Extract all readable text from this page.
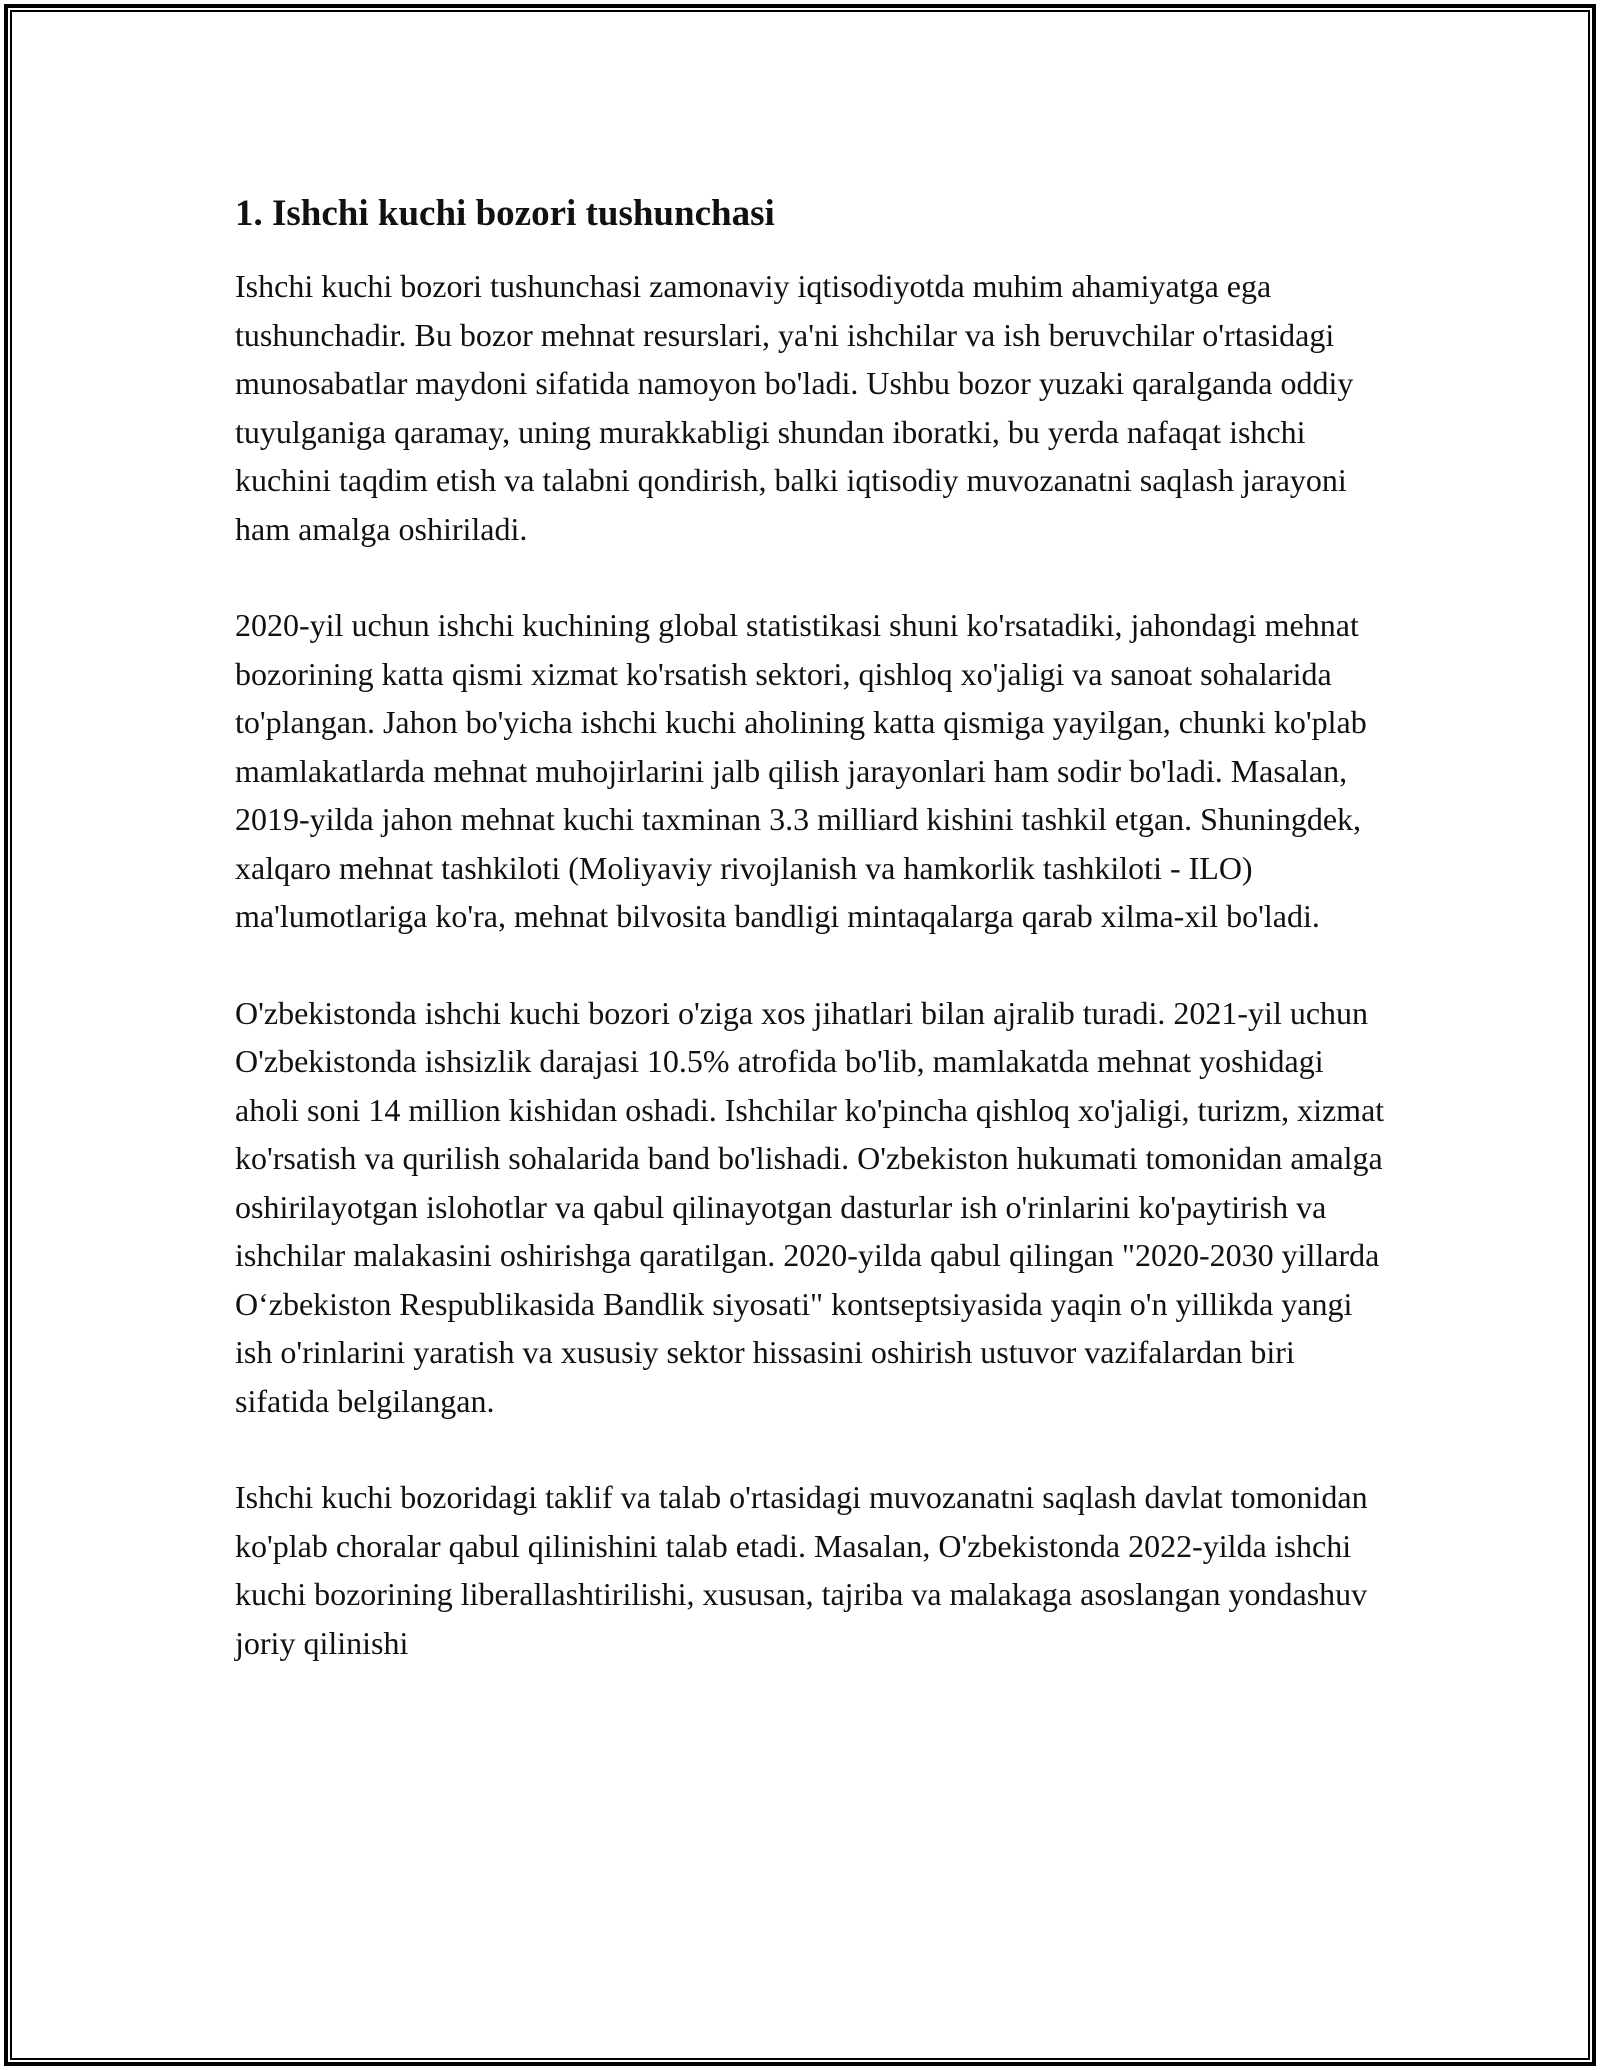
1. Ishchi kuchi bozori tushunchasi

Ishchi kuchi bozori tushunchasi zamonaviy iqtisodiyotda muhim ahamiyatga ega tushunchadir. Bu bozor mehnat resurslari, ya'ni ishchilar va ish beruvchilar o'rtasidagi munosabatlar maydoni sifatida namoyon bo'ladi. Ushbu bozor yuzaki qaralganda oddiy tuyulganiga qaramay, uning murakkabligi shundan iboratki, bu yerda nafaqat ishchi kuchini taqdim etish va talabni qondirish, balki iqtisodiy muvozanatni saqlash jarayoni ham amalga oshiriladi.

2020-yil uchun ishchi kuchining global statistikasi shuni ko'rsatadiki, jahondagi mehnat bozorining katta qismi xizmat ko'rsatish sektori, qishloq xo'jaligi va sanoat sohalarida to'plangan. Jahon bo'yicha ishchi kuchi aholining katta qismiga yayilgan, chunki ko'plab mamlakatlarda mehnat muhojirlarini jalb qilish jarayonlari ham sodir bo'ladi. Masalan, 2019-yilda jahon mehnat kuchi taxminan 3.3 milliard kishini tashkil etgan. Shuningdek, xalqaro mehnat tashkiloti (Moliyaviy rivojlanish va hamkorlik tashkiloti - ILO) ma'lumotlariga ko'ra, mehnat bilvosita bandligi mintaqalarga qarab xilma-xil bo'ladi.

O'zbekistonda ishchi kuchi bozori o'ziga xos jihatlari bilan ajralib turadi. 2021-yil uchun O'zbekistonda ishsizlik darajasi 10.5% atrofida bo'lib, mamlakatda mehnat yoshidagi aholi soni 14 million kishidan oshadi. Ishchilar ko'pincha qishloq xo'jaligi, turizm, xizmat ko'rsatish va qurilish sohalarida band bo'lishadi. O'zbekiston hukumati tomonidan amalga oshirilayotgan islohotlar va qabul qilinayotgan dasturlar ish o'rinlarini ko'paytirish va ishchilar malakasini oshirishga qaratilgan. 2020-yilda qabul qilingan "2020-2030 yillarda O‘zbekiston Respublikasida Bandlik siyosati" kontseptsiyasida yaqin o'n yillikda yangi ish o'rinlarini yaratish va xususiy sektor hissasini oshirish ustuvor vazifalardan biri sifatida belgilangan.

Ishchi kuchi bozoridagi taklif va talab o'rtasidagi muvozanatni saqlash davlat tomonidan ko'plab choralar qabul qilinishini talab etadi. Masalan, O'zbekistonda 2022-yilda ishchi kuchi bozorining liberallashtirilishi, xususan, tajriba va malakaga asoslangan yondashuv joriy qilinishi
